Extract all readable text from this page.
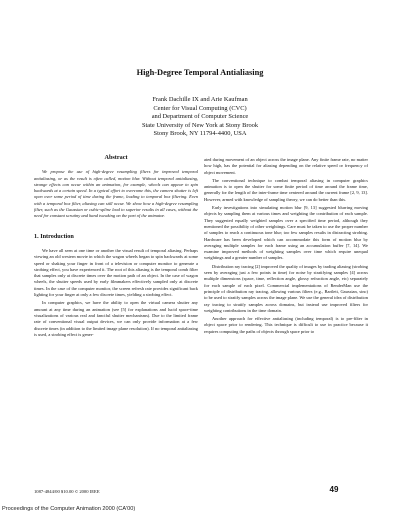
High-Degree Temporal Antialiasing
Frank Dachille IX and Arie Kaufman
Center for Visual Computing (CVC)
and Department of Computer Science
State University of New York at Stony Brook
Stony Brook, NY 11794-4400, USA
Abstract

We propose the use of high-degree resampling filters for improved temporal antialiasing, or as the result is often called, motion blur. Without temporal antialiasing, strange effects can occur within an animation, for example, wheels can appear to spin backwards at a certain speed. In a typical effort to overcome this, the camera shutter is left open over some period of time during the frame, leading to temporal box filtering. Even with a temporal box filter, aliasing can still occur. We show how a high-degree resampling filter, such as the Gaussian or cubic-spline lead to superior results in all cases, without the need for constant scrutiny and hand tweaking on the part of the animator.

1. Introduction

We have all seen at one time or another the visual result of temporal aliasing. Perhaps viewing an old western movie in which the wagon wheels began to spin backwards at some speed or shaking your finger in front of a television or computer monitor to generate a strobing effect, you have experienced it. The root of this aliasing is the temporal comb filter that samples only at discrete times over the motion path of an object. In the case of wagon wheels, the shutter speeds used by early filmmakers effectively sampled only at discrete times. In the case of the computer monitor, the screen refresh rate provides significant back lighting for your finger at only a few discrete times, yielding a strobing effect.

In computer graphics, we have the ability to open the virtual camera shutter any amount at any time during an animation (see [5] for explanations and lucid space-time visualizations of various real and fanciful shutter mechanisms). Due to the limited frame rate of conventional visual output devices, we can only provide information at a few discrete times (in addition to the limited image plane resolution). If no temporal antialiasing is used, a strobing effect is gener-

ated during movement of an object across the image plane. Any finite frame rate, no matter how high, has the potential for aliasing depending on the relative speed or frequency of object movement.

The conventional technique to combat temporal aliasing in computer graphics animation is to open the shutter for some finite period of time around the frame time, generally for the length of the inter-frame time centered around the current frame [2, 9, 13]. However, armed with knowledge of sampling theory, we can do better than this.

Early investigations into simulating motion blur [9, 13] suggested blurring moving objects by sampling them at various times and weighting the contribution of each sample. They suggested equally weighted samples over a specified time period, although they mentioned the possibility of other weightings. Care must be taken to use the proper number of samples to reach a continuous tone blur; too few samples results in distracting strobing. Hardware has been developed which can accommodate this form of motion blur by averaging multiple samples for each frame using an accumulation buffer [7, 14]. We examine improved methods of weighting samples over time which require unequal weightings and a greater number of samples.

Distribution ray tracing [2] improved the quality of images by trading aliasing (strobing seen by averaging just a few points in time) for noise by stratifying samples [4] across multiple dimensions (space, time, reflection angle, glossy refraction angle, etc) separately for each sample of each pixel. Commercial implementations of RenderMan use the principle of distribution ray tracing, allowing various filters (e.g., Bartlett, Gaussian, sinc) to be used to stratify samples across the image plane. We use the general idea of distribution ray tracing to stratify samples across domains, but instead use improved filters for weighting contributions in the time domain.

Another approach for effective antialiasing (including temporal) is to pre-filter in object space prior to rendering. This technique is difficult to use in practice because it requires computing the paths of objects through space prior to

1087-4844/00 $10.00 © 2000 IEEE	49
Proceedings of the Computer Animation 2000 (CA'00)
